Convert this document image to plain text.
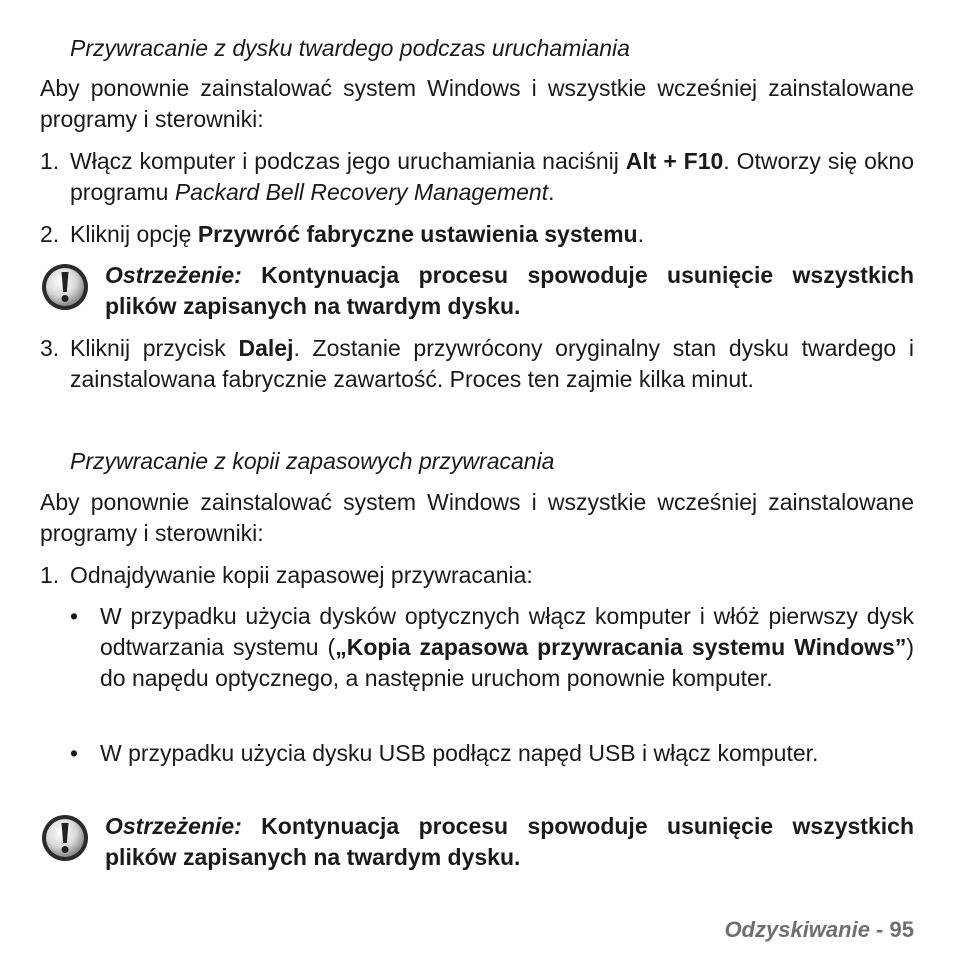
Przywracanie z dysku twardego podczas uruchamiania

Aby ponownie zainstalować system Windows i wszystkie wcześniej zainstalowane programy i sterowniki:

1. Włącz komputer i podczas jego uruchamiania naciśnij Alt + F10. Otworzy się okno programu Packard Bell Recovery Management.
2. Kliknij opcję Przywróć fabryczne ustawienia systemu.
Ostrzeżenie: Kontynuacja procesu spowoduje usunięcie wszystkich plików zapisanych na twardym dysku.
3. Kliknij przycisk Dalej. Zostanie przywrócony oryginalny stan dysku twardego i zainstalowana fabrycznie zawartość. Proces ten zajmie kilka minut.

Przywracanie z kopii zapasowych przywracania

Aby ponownie zainstalować system Windows i wszystkie wcześniej zainstalowane programy i sterowniki:

1. Odnajdywanie kopii zapasowej przywracania:
• W przypadku użycia dysków optycznych włącz komputer i włóż pierwszy dysk odtwarzania systemu („Kopia zapasowa przywracania systemu Windows”) do napędu optycznego, a następnie uruchom ponownie komputer.
• W przypadku użycia dysku USB podłącz napęd USB i włącz komputer.
Ostrzeżenie: Kontynuacja procesu spowoduje usunięcie wszystkich plików zapisanych na twardym dysku.
Odzyskiwanie - 95
